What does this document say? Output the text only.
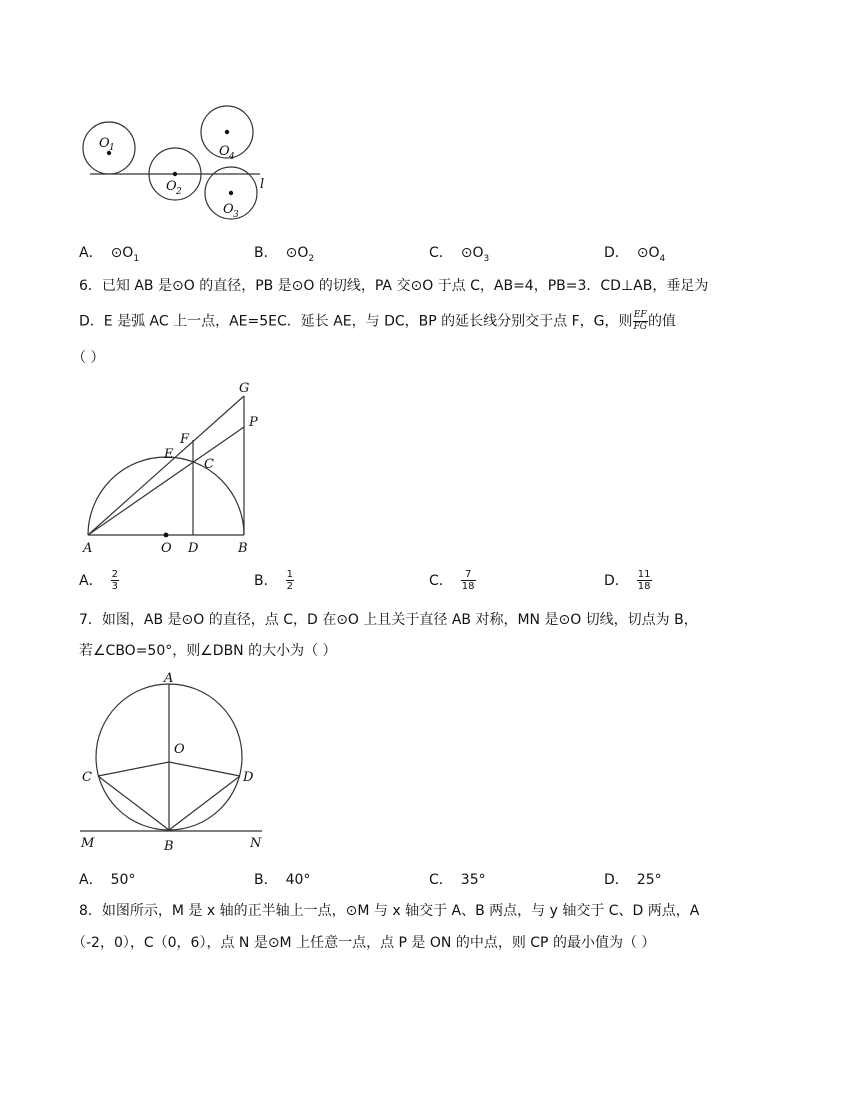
O 1
O 2
O 3
O 4
l
A． $⊙O_1$	B． $⊙O_2$	C． $⊙O_3$	D． $⊙O_4$
6．已知 AB 是⊙O 的直径，PB 是⊙O 的切线，PA 交⊙O 于点 C，AB=4，PB=3．CD⊥AB，垂足为
D．E 是弧 AC 上一点，AE=5EC．延长 AE，与 DC，BP 的延长线分别交于点 F，G，则 $\frac{EF}{FG}$ 的值
（ ）
A	O D	B
E
F
C
G
P
A． $\frac{2}{3}$	B． $\frac{1}{2}$	C． $\frac{7}{18}$	D． $\frac{11}{18}$
7．如图，AB 是⊙O 的直径，点 C，D 在⊙O 上且关于直径 AB 对称，MN 是⊙O 切线，切点为 B，
若∠CBO=50°，则∠DBN 的大小为（ ）
A
O
C	D
M	B	N
A． 50°	B． 40°	C． 35°	D． 25°
8．如图所示，M 是 x 轴的正半轴上一点，⊙M 与 x 轴交于 A、B 两点，与 y 轴交于 C、D 两点，A
（-2，0），C（0，6），点 N 是⊙M 上任意一点，点 P 是 ON 的中点，则 CP 的最小值为（ ）
